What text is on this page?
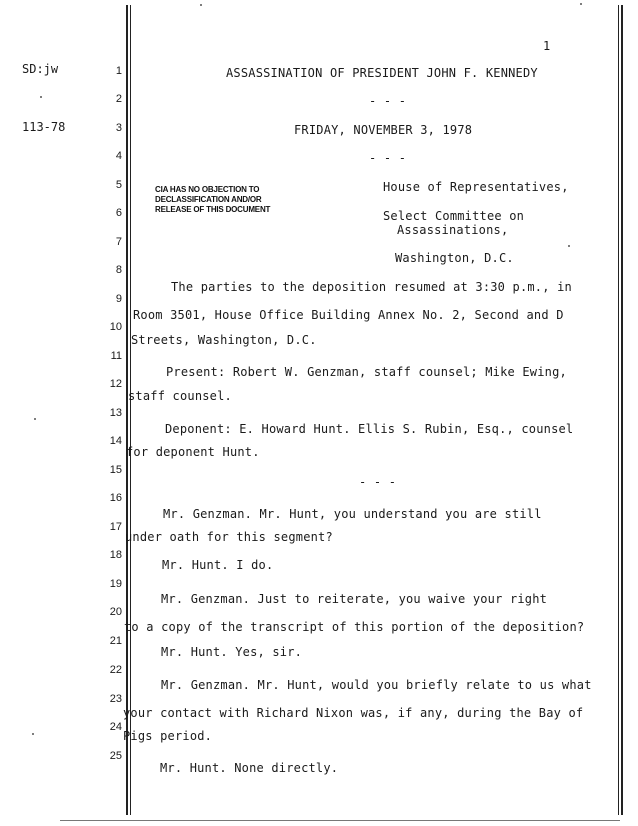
1
SD:jw
113-78
1
2
3
4
5
6
7
8
9
10
11
12
13
14
15
16
17
18
19
20
21
22
23
24
25
ASSASSINATION OF PRESIDENT JOHN F. KENNEDY
- - -
FRIDAY, NOVEMBER 3, 1978
- - -
CIA HAS NO OBJECTION TO
DECLASSIFICATION AND/OR
RELEASE OF THIS DOCUMENT
House of Representatives,
Select Committee on
Assassinations,
Washington, D.C.
The parties to the deposition resumed at 3:30 p.m., in
Room 3501, House Office Building Annex No. 2, Second and D
Streets, Washington, D.C.
Present: Robert W. Genzman, staff counsel; Mike Ewing,
staff counsel.
Deponent: E. Howard Hunt. Ellis S. Rubin, Esq., counsel
for deponent Hunt.
- - -
Mr. Genzman. Mr. Hunt, you understand you are still
under oath for this segment?
Mr. Hunt. I do.
Mr. Genzman. Just to reiterate, you waive your right
to a copy of the transcript of this portion of the deposition?
Mr. Hunt. Yes, sir.
Mr. Genzman. Mr. Hunt, would you briefly relate to us what
your contact with Richard Nixon was, if any, during the Bay of
Pigs period.
Mr. Hunt. None directly.
